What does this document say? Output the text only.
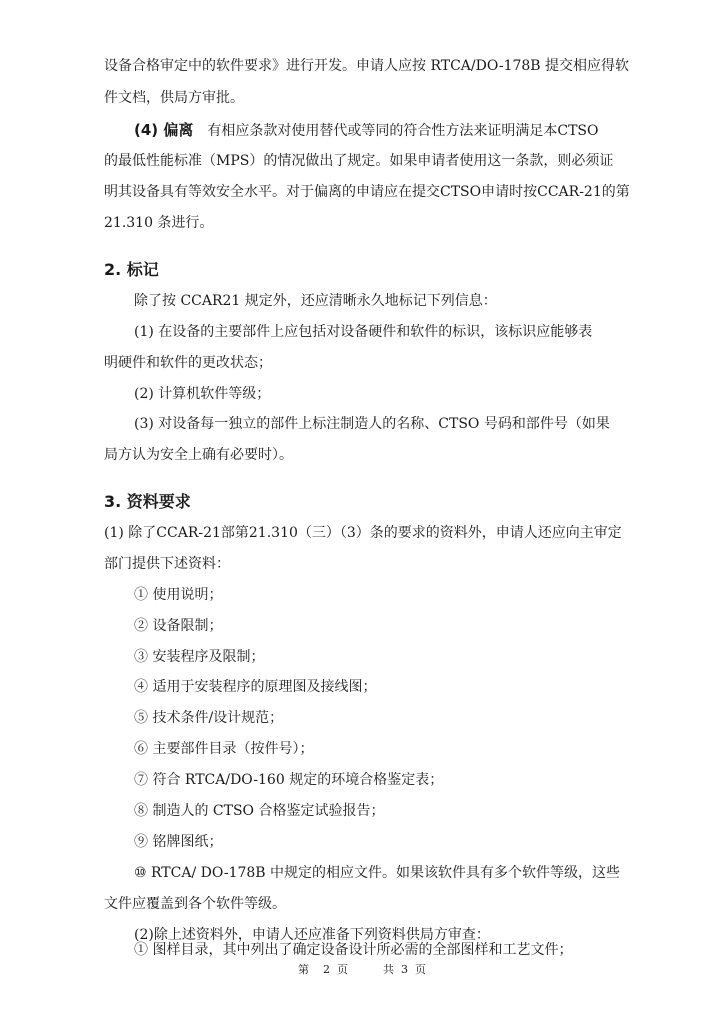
设备合格审定中的软件要求》进行开发。申请人应按 RTCA/DO-178B 提交相应得软
件文档，供局方审批。
(4) 偏离 有相应条款对使用替代或等同的符合性方法来证明满足本CTSO
的最低性能标准（MPS）的情况做出了规定。如果申请者使用这一条款，则必须证
明其设备具有等效安全水平。对于偏离的申请应在提交CTSO申请时按CCAR-21的第
21.310 条进行。
2. 标记
除了按 CCAR21 规定外，还应清晰永久地标记下列信息：
(1) 在设备的主要部件上应包括对设备硬件和软件的标识，该标识应能够表
明硬件和软件的更改状态；
(2) 计算机软件等级；
(3) 对设备每一独立的部件上标注制造人的名称、CTSO 号码和部件号（如果
局方认为安全上确有必要时）。
3. 资料要求
(1) 除了CCAR-21部第21.310（三）（3）条的要求的资料外，申请人还应向主审定
部门提供下述资料：
① 使用说明；
② 设备限制；
③ 安装程序及限制；
④ 适用于安装程序的原理图及接线图；
⑤ 技术条件/设计规范；
⑥ 主要部件目录（按件号）；
⑦ 符合 RTCA/DO-160 规定的环境合格鉴定表；
⑧ 制造人的 CTSO 合格鉴定试验报告；
⑨ 铭牌图纸；
⑩ RTCA/ DO-178B 中规定的相应文件。如果该软件具有多个软件等级，这些
文件应覆盖到各个软件等级。
(2)除上述资料外，申请人还应准备下列资料供局方审查：
① 图样目录，其中列出了确定设备设计所必需的全部图样和工艺文件；
第    2  页          共  3  页
